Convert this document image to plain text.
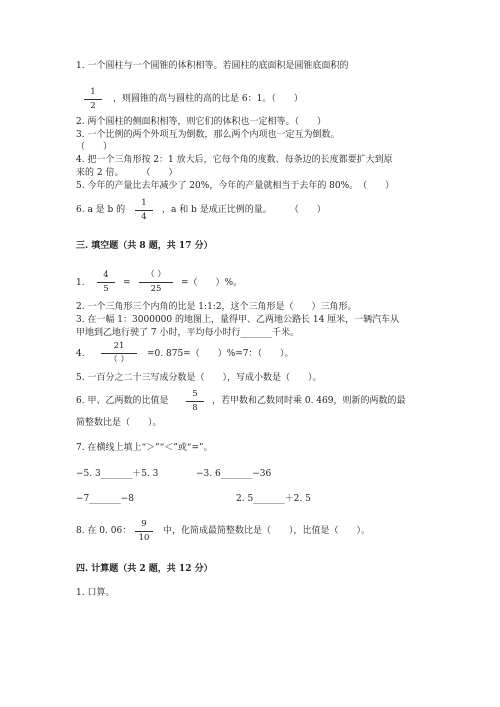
1. 一个圆柱与一个圆锥的体积相等。若圆柱的底面积是圆锥底面积的
1
2
，则圆锥的高与圆柱的高的比是 6：1。（　　）
2. 两个圆柱的侧面积相等，则它们的体积也一定相等。（　　）
3. 一个比例的两个外项互为倒数，那么两个内项也一定互为倒数。
（　　）
4. 把一个三角形按 2：1 放大后，它每个角的度数、每条边的长度都要扩大到原
来的 2 倍。　　　（　　）
5. 今年的产量比去年减少了 20%，今年的产量就相当于去年的 80%。　（　　）
6. a 是 b 的
1
4
，a 和 b 是成正比例的量。　　　（　　）
三. 填空题（共 8 题，共 17 分）
1.
4
5
=
（ ）
25
=（　　）%。
2. 一个三角形三个内角的比是 1:1:2，这个三角形是（　　）三角形。
3. 在一幅 1：3000000 的地图上，量得甲、乙两地公路长 14 厘米，一辆汽车从
甲地到乙地行驶了 7 小时，平均每小时行_______千米。
4.
21
（ ）
=0. 875=（　　）%=7：（　　）。
5. 一百分之二十三写成分数是（　　），写成小数是（　　）。
6. 甲、乙两数的比值是
5
8
，若甲数和乙数同时乘 0. 469，则新的两数的最
简整数比是（　　）。
7. 在横线上填上“＞”“＜”或“=”。
−5. 3_______＋5. 3	−3. 6_______−36
−7_______−8	2. 5_______＋2. 5
8. 在 0. 06：
9
10
中，化简成最简整数比是（　　），比值是（　　）。
四. 计算题（共 2 题，共 12 分）
1. 口算。
